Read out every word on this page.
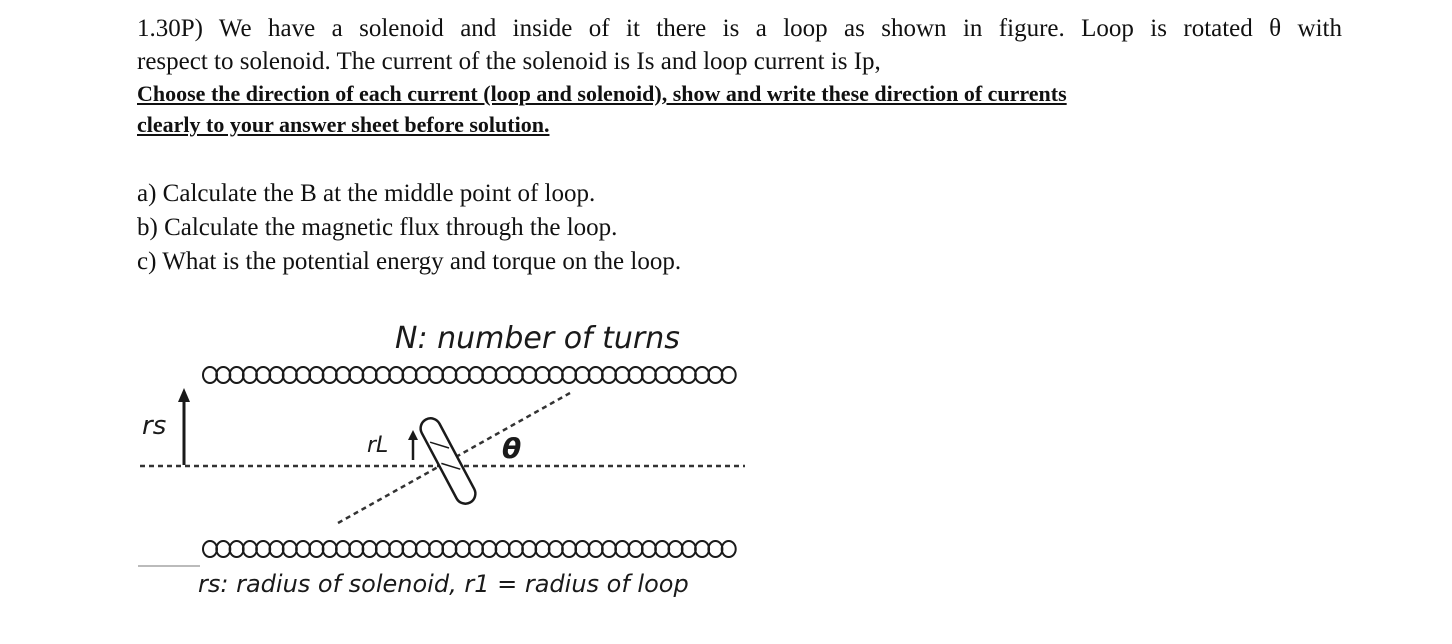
1.30P) We have a solenoid and inside of it there is a loop as shown in figure. Loop is rotated θ with
respect to solenoid. The current of the solenoid is Is and loop current is Ip,
Choose the direction of each current (loop and solenoid), show and write these direction of currents
clearly to your answer sheet before solution.
a) Calculate the B at the middle point of loop.
b) Calculate the magnetic flux through the loop.
c) What is the potential energy and torque on the loop.
N: number of turns
rs
rL	θ
rs: radius of solenoid, r1 = radius of loop
